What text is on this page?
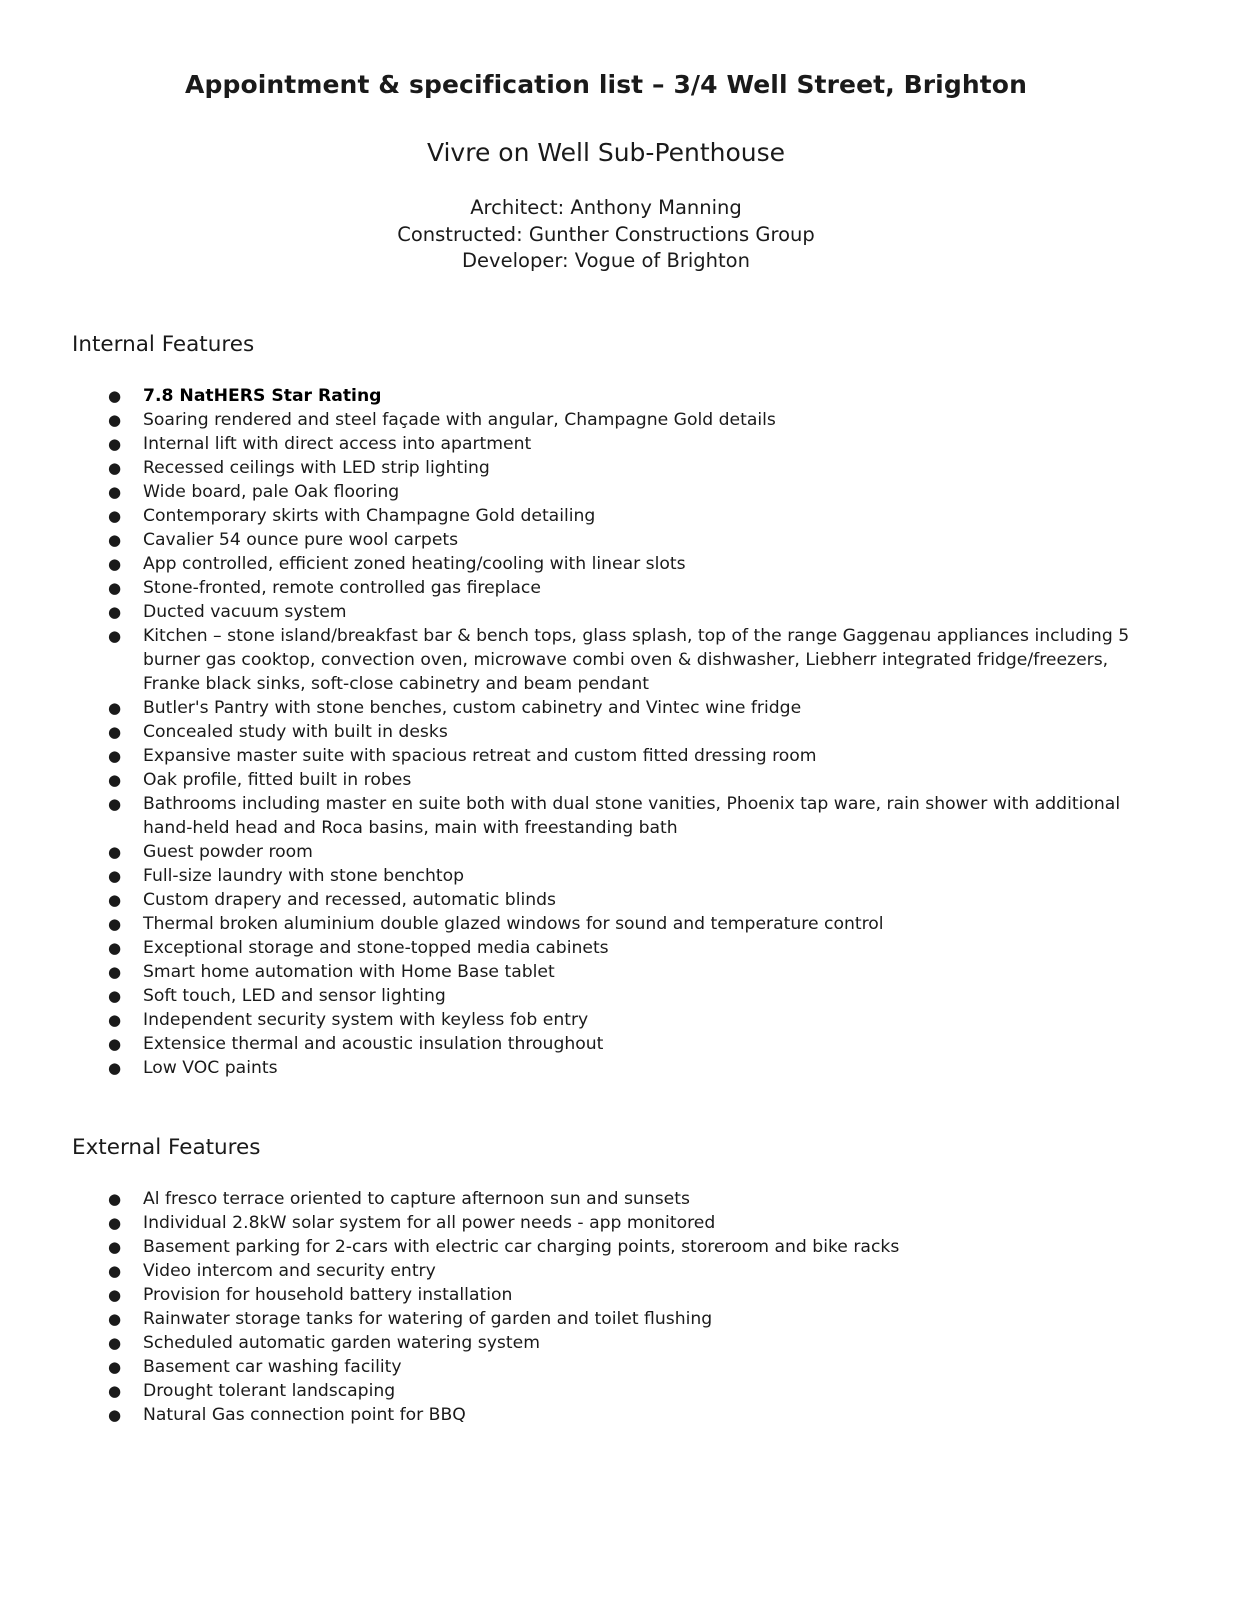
Appointment & specification list – 3/4 Well Street, Brighton
Vivre on Well Sub-Penthouse
Architect: Anthony Manning
Constructed: Gunther Constructions Group
Developer: Vogue of Brighton
Internal Features
● 7.8 NatHERS Star Rating
● Soaring rendered and steel façade with angular, Champagne Gold details
● Internal lift with direct access into apartment
● Recessed ceilings with LED strip lighting
● Wide board, pale Oak flooring
● Contemporary skirts with Champagne Gold detailing
● Cavalier 54 ounce pure wool carpets
● App controlled, efficient zoned heating/cooling with linear slots
● Stone-fronted, remote controlled gas fireplace
● Ducted vacuum system
● Kitchen – stone island/breakfast bar & bench tops, glass splash, top of the range Gaggenau appliances including 5 burner gas cooktop, convection oven, microwave combi oven & dishwasher, Liebherr integrated fridge/freezers, Franke black sinks, soft-close cabinetry and beam pendant
● Butler's Pantry with stone benches, custom cabinetry and Vintec wine fridge
● Concealed study with built in desks
● Expansive master suite with spacious retreat and custom fitted dressing room
● Oak profile, fitted built in robes
● Bathrooms including master en suite both with dual stone vanities, Phoenix tap ware, rain shower with additional hand-held head and Roca basins, main with freestanding bath
● Guest powder room
● Full-size laundry with stone benchtop
● Custom drapery and recessed, automatic blinds
● Thermal broken aluminium double glazed windows for sound and temperature control
● Exceptional storage and stone-topped media cabinets
● Smart home automation with Home Base tablet
● Soft touch, LED and sensor lighting
● Independent security system with keyless fob entry
● Extensice thermal and acoustic insulation throughout
● Low VOC paints
External Features
● Al fresco terrace oriented to capture afternoon sun and sunsets
● Individual 2.8kW solar system for all power needs - app monitored
● Basement parking for 2-cars with electric car charging points, storeroom and bike racks
● Video intercom and security entry
● Provision for household battery installation
● Rainwater storage tanks for watering of garden and toilet flushing
● Scheduled automatic garden watering system
● Basement car washing facility
● Drought tolerant landscaping
● Natural Gas connection point for BBQ
